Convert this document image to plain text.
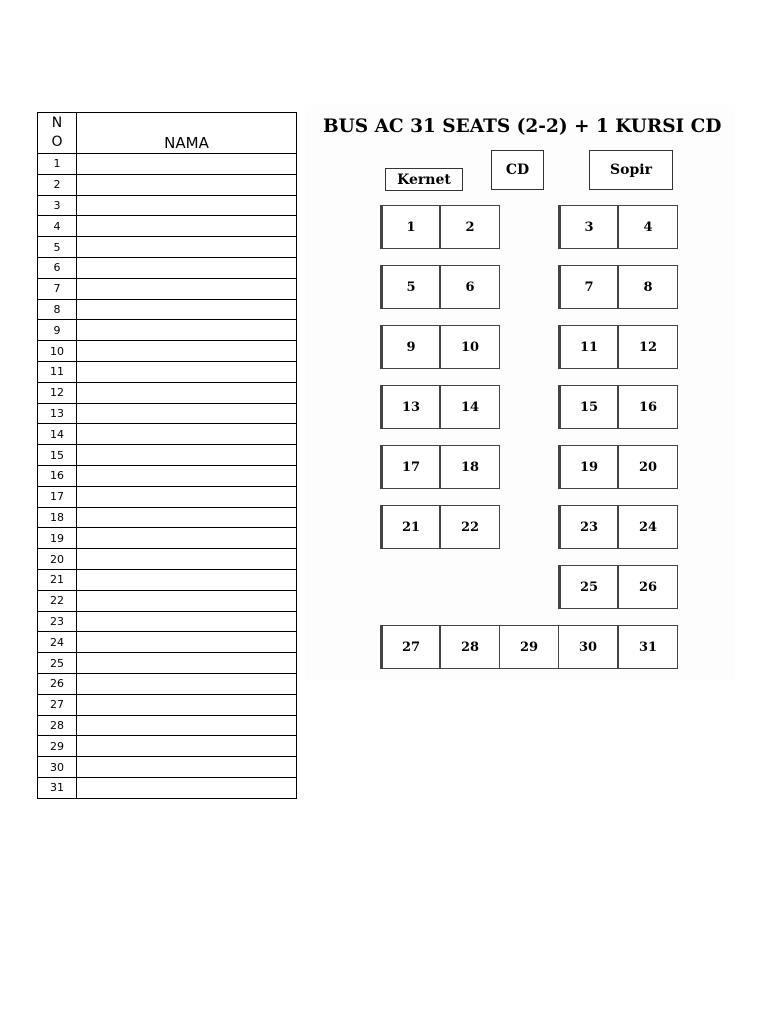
N
O	NAMA
1	
2	
3	
4	
5	
6	
7	
8	
9	
10	
11	
12	
13	
14	
15	
16	
17	
18	
19	
20	
21	
22	
23	
24	
25	
26	
27	
28	
29	
30	
31	
BUS AC 31 SEATS (2-2) + 1 KURSI CD
Kernet
CD	Sopir
1	2	3	4
5	6	7	8
9	10	11	12
13	14	15	16
17	18	19	20
21	22	23	24
25	26
27	28	29	30	31
